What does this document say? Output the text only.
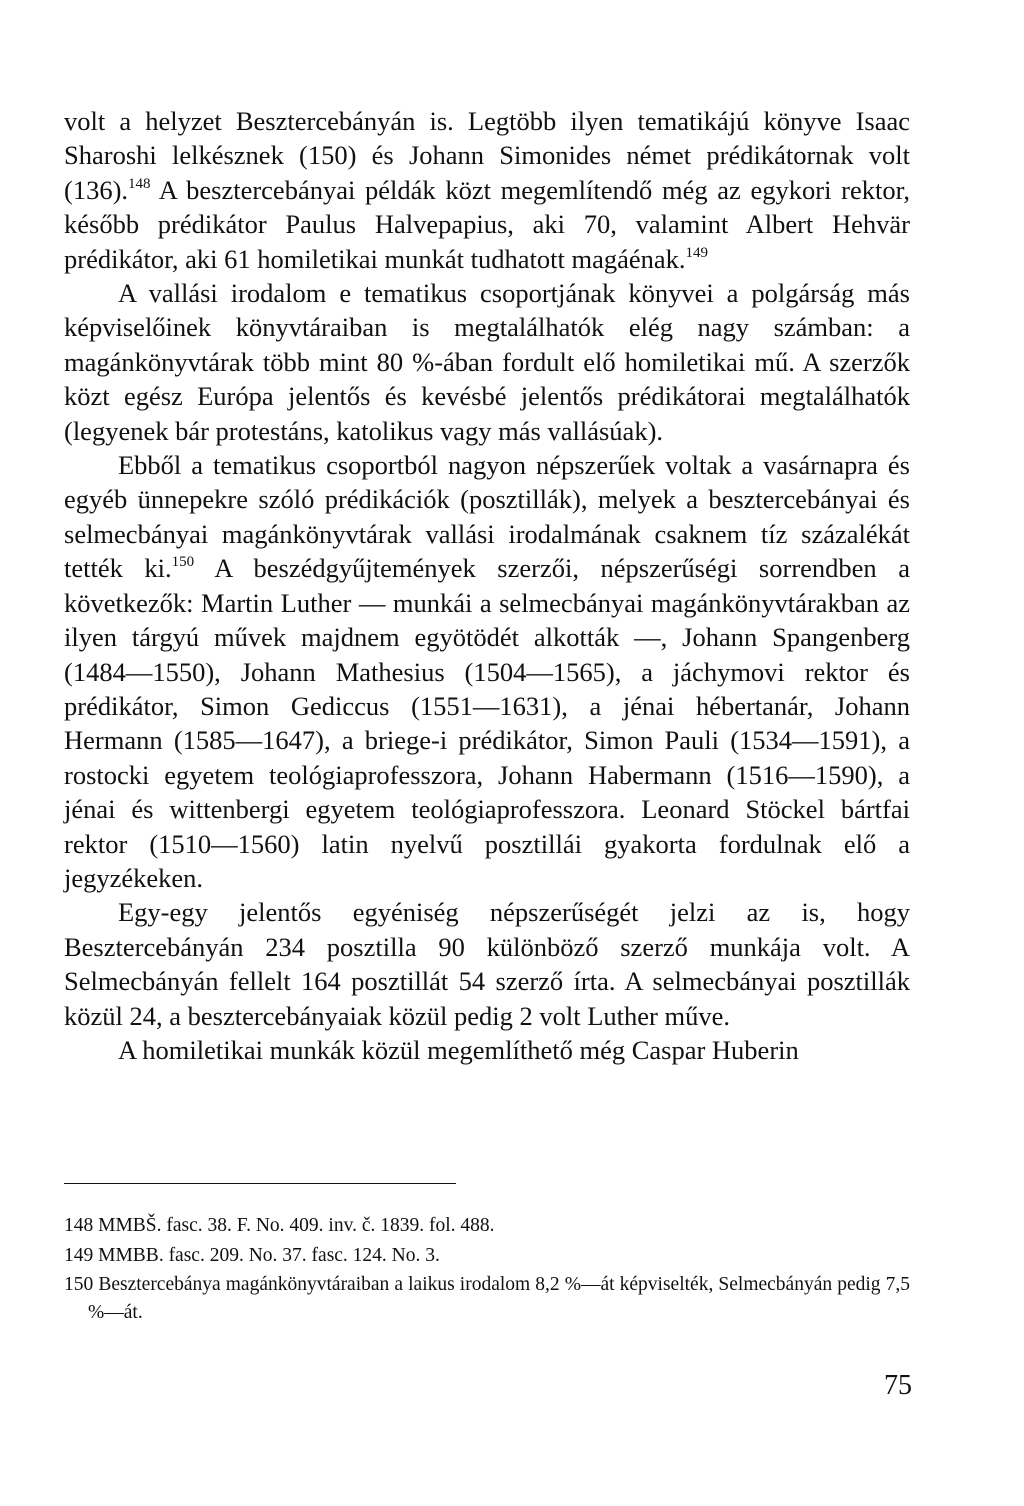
volt a helyzet Besztercebányán is. Legtöbb ilyen tematikájú könyve Isaac Sharoshi lelkésznek (150) és Johann Simonides német prédikátornak volt (136).$^{148}$ A besztercebányai példák közt megemlítendő még az egykori rektor, később prédikátor Paulus Halvepapius, aki 70, valamint Albert Hehvär prédikátor, aki 61 homiletikai munkát tudhatott magáénak.$^{149}$

A vallási irodalom e tematikus csoportjának könyvei a polgárság más képviselőinek könyvtáraiban is megtalálhatók elég nagy számban: a magánkönyvtárak több mint 80 %-ában fordult elő homiletikai mű. A szerzők közt egész Európa jelentős és kevésbé jelentős prédikátorai megtalálhatók (legyenek bár protestáns, katolikus vagy más vallásúak).

Ebből a tematikus csoportból nagyon népszerűek voltak a vasárnapra és egyéb ünnepekre szóló prédikációk (posztillák), melyek a besztercebányai és selmecbányai magánkönyvtárak vallási irodalmának csaknem tíz százalékát tették ki.$^{150}$ A beszédgyűjtemények szerzői, népszerűségi sorrendben a következők: Martin Luther — munkái a selmecbányai magánkönyvtárakban az ilyen tárgyú művek majdnem egyötödét alkották —, Johann Spangenberg (1484—1550), Johann Mathesius (1504—1565), a jáchymovi rektor és prédikátor, Simon Gediccus (1551—1631), a jénai hébertanár, Johann Hermann (1585—1647), a briege-i prédikátor, Simon Pauli (1534—1591), a rostocki egyetem teológiaprofesszora, Johann Habermann (1516—1590), a jénai és wittenbergi egyetem teológiaprofesszora. Leonard Stöckel bártfai rektor (1510—1560) latin nyelvű posztillái gyakorta fordulnak elő a jegyzékeken.

Egy-egy jelentős egyéniség népszerűségét jelzi az is, hogy Besztercebányán 234 posztilla 90 különböző szerző munkája volt. A Selmecbányán fellelt 164 posztillát 54 szerző írta. A selmecbányai posztillák közül 24, a besztercebányaiak közül pedig 2 volt Luther műve.

A homiletikai munkák közül megemlíthető még Caspar Huberin

148 MMBŠ. fasc. 38. F. No. 409. inv. č. 1839. fol. 488.
149 MMBB. fasc. 209. No. 37. fasc. 124. No. 3.
150 Besztercebánya magánkönyvtáraiban a laikus irodalom 8,2 %—át képviselték, Selmecbányán pedig 7,5 %—át.
75
